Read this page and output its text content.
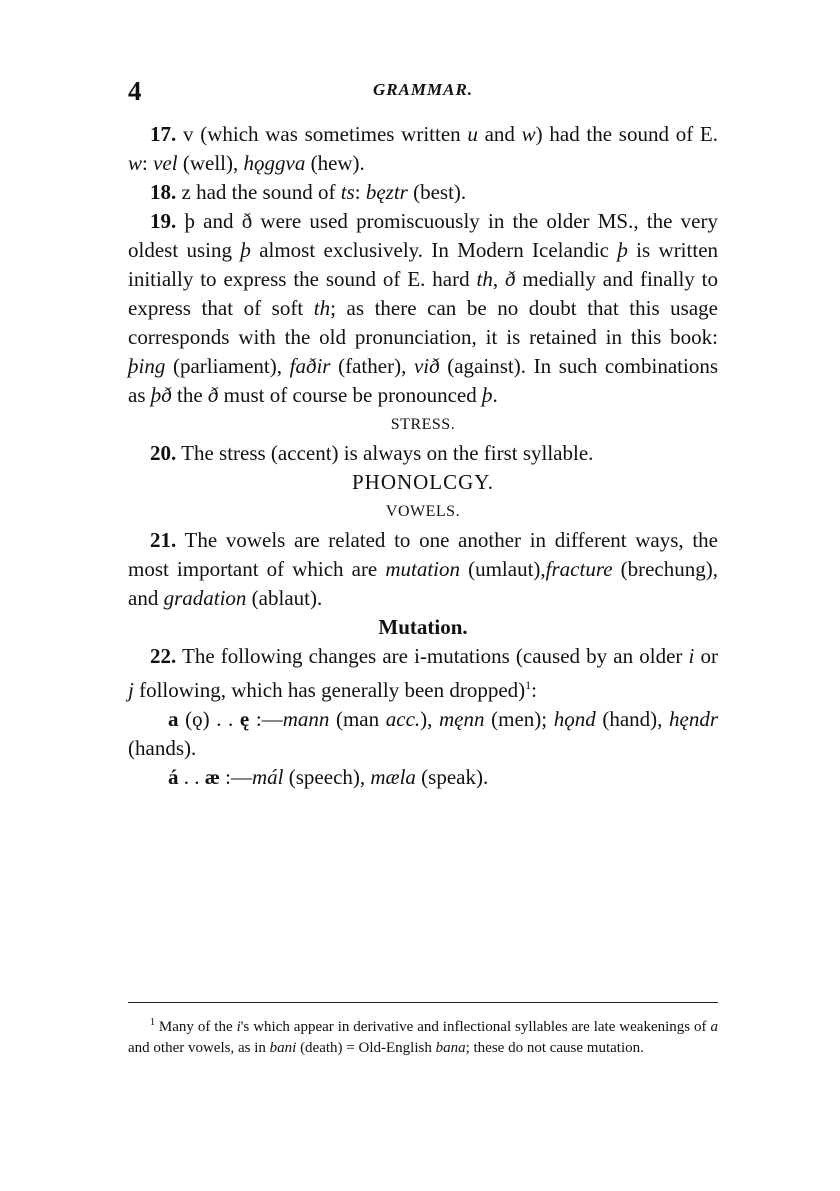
4	GRAMMAR.

17. v (which was sometimes written u and w) had the sound of E. w: vel (well), hǫggva (hew).

18. z had the sound of ts: bęztr (best).

19. þ and ð were used promiscuously in the older MS., the very oldest using þ almost exclusively. In Modern Icelandic þ is written initially to express the sound of E. hard th, ð medially and finally to express that of soft th; as there can be no doubt that this usage corresponds with the old pronunciation, it is retained in this book: þing (parliament), faðir (father), við (against). In such combinations as þð the ð must of course be pronounced þ.

STRESS.

20. The stress (accent) is always on the first syllable.

PHONOLCGY.

VOWELS.

21. The vowels are related to one another in different ways, the most important of which are mutation (umlaut),fracture (brechung), and gradation (ablaut).

Mutation.

22. The following changes are i-mutations (caused by an older i or j following, which has generally been dropped)$^1$:

a (ǫ) . . ę :—mann (man acc.), męnn (men); hǫnd (hand), hęndr (hands).

á . . æ :—mál (speech), mæla (speak).

$^1$ Many of the i's which appear in derivative and inflectional syllables are late weakenings of a and other vowels, as in bani (death) = Old-English bana; these do not cause mutation.
